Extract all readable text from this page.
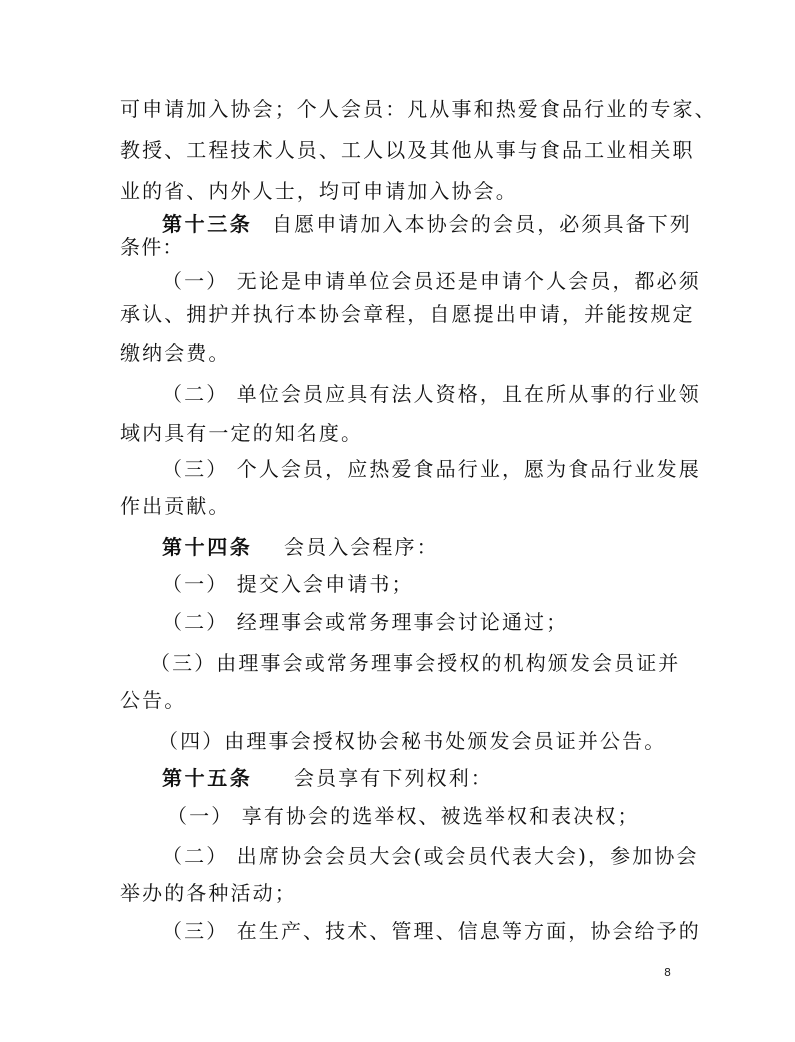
可申请加入协会；个人会员：凡从事和热爱食品行业的专家、
教授、工程技术人员、工人以及其他从事与食品工业相关职
业的省、内外人士，均可申请加入协会。
第十三条 自愿申请加入本协会的会员，必须具备下列
条件：
（一） 无论是申请单位会员还是申请个人会员，都必须
承认、拥护并执行本协会章程，自愿提出申请，并能按规定
缴纳会费。
（二） 单位会员应具有法人资格，且在所从事的行业领
域内具有一定的知名度。
（三） 个人会员，应热爱食品行业，愿为食品行业发展
作出贡献。
第十四条 会员入会程序：
（一） 提交入会申请书；
（二） 经理事会或常务理事会讨论通过；
（三）由理事会或常务理事会授权的机构颁发会员证并
公告。
（四）由理事会授权协会秘书处颁发会员证并公告。
第十五条 会员享有下列权利：
（一） 享有协会的选举权、被选举权和表决权；
（二） 出席协会会员大会(或会员代表大会)，参加协会
举办的各种活动；
（三） 在生产、技术、管理、信息等方面，协会给予的
8
